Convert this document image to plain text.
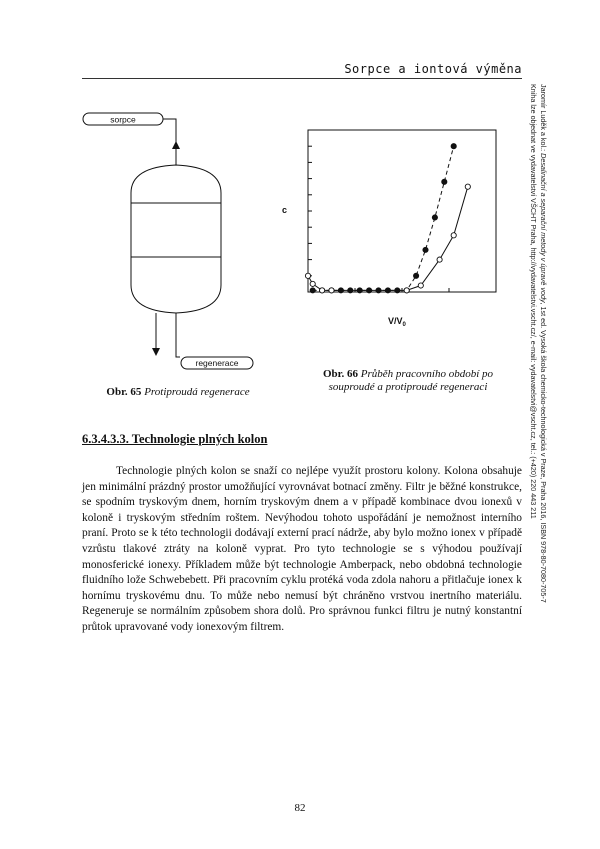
Sorpce a iontová výměna
Jaromír Luděk a kol.: Desalinační a separační metody v úpravě vody, 1st ed. Vysoká škola chemicko-technologická v Praze, Praha 2016, ISBN 978-80-7080-705-7
Kniha lze objednat ve vydavatelství VŠCHT Praha, http://vydavatelstvi.vscht.cz/, e-mail: vydavatelstvi@vscht.cz, tel.: (+420) 220 443 211
sorpce
regenerace
Obr. 65 Protiproudá regenerace
c
$V/V_0$
Obr. 66 Průběh pracovního období po
souproudé a protiproudé regeneraci
6.3.4.3.3. Technologie plných kolon

Technologie plných kolon se snaží co nejlépe využít prostoru kolony. Kolona obsahuje jen minimální prázdný prostor umožňující vyrovnávat botnací změny. Filtr je běžné konstrukce, se spodním tryskovým dnem, horním tryskovým dnem a v případě kombinace dvou ionexů v koloně i tryskovým středním roštem. Nevýhodou tohoto uspořádání je nemožnost interního praní. Proto se k této technologii dodávají externí prací nádrže, aby bylo možno ionex v případě vzrůstu tlakové ztráty na koloně vyprat. Pro tyto technologie se s výhodou používají monosferické ionexy. Příkladem může být technologie Amberpack, nebo obdobná technologie fluidního lože Schwebebett. Při pracovním cyklu protéká voda zdola nahoru a přitlačuje ionex k hornímu tryskovému dnu. To může nebo nemusí být chráněno vrstvou inertního materiálu. Regeneruje se normálním způsobem shora dolů. Pro správnou funkci filtru je nutný konstantní průtok upravované vody ionexovým filtrem.

82
